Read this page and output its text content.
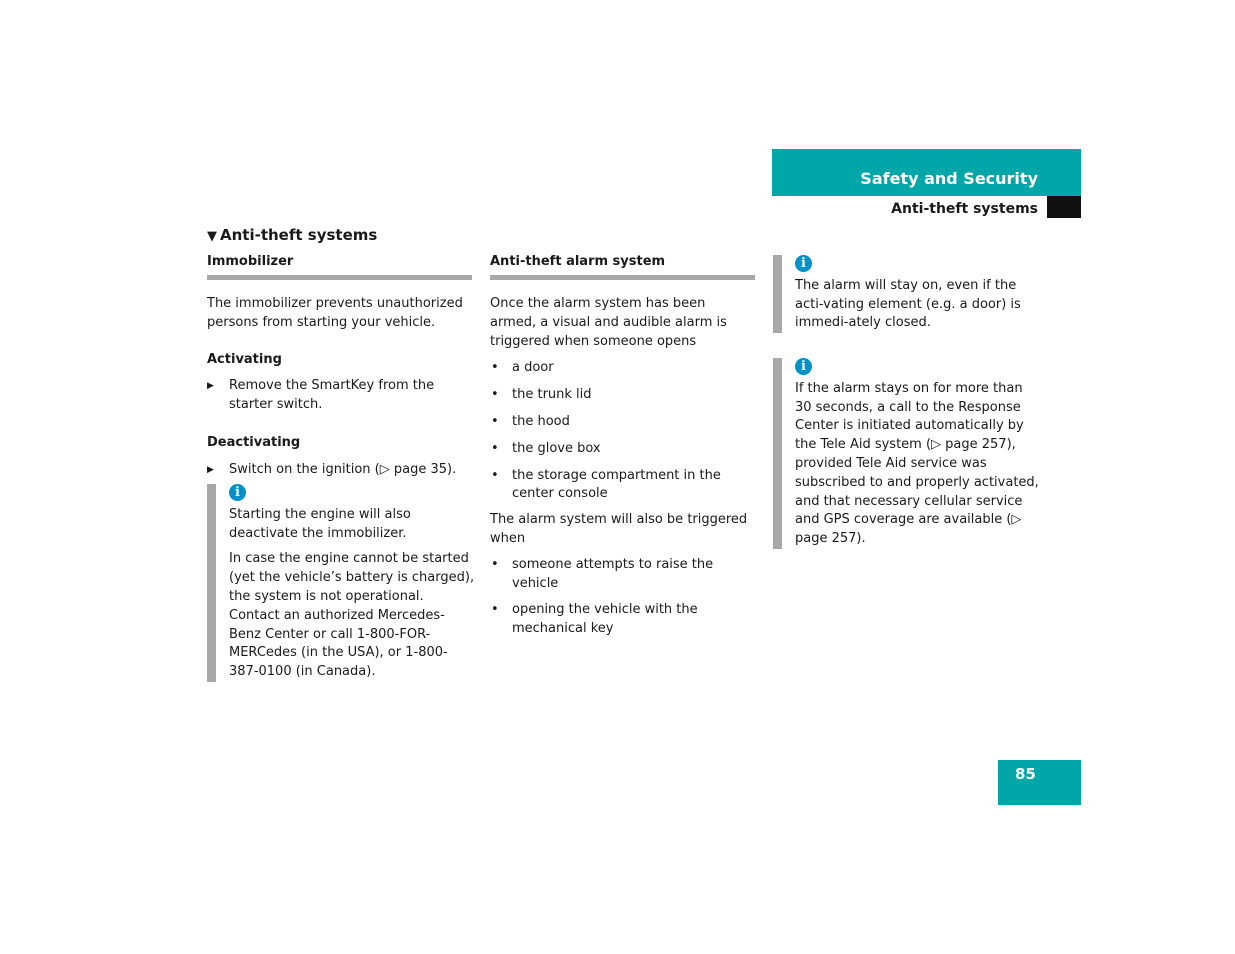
Safety and Security
Anti-theft systems
▼ Anti-theft systems
Immobilizer

The immobilizer prevents unauthorized persons from starting your vehicle.

Activating

▶ Remove the SmartKey from the starter switch.

Deactivating

▶ Switch on the ignition (▷ page 35).
i

Starting the engine will also deactivate the immobilizer.

In case the engine cannot be started (yet the vehicle’s battery is charged), the system is not operational. Contact an authorized Mercedes-Benz Center or call 1-800-FOR-MERCedes (in the USA), or 1-800-387-0100 (in Canada).

Anti-theft alarm system

Once the alarm system has been armed, a visual and audible alarm is triggered when someone opens

• a door
• the trunk lid
• the hood
• the glove box
• the storage compartment in the center console

The alarm system will also be triggered when

• someone attempts to raise the vehicle
• opening the vehicle with the mechanical key
i

The alarm will stay on, even if the acti-vating element (e.g. a door) is immedi-ately closed.

i

If the alarm stays on for more than 30 seconds, a call to the Response Center is initiated automatically by the Tele Aid system (▷ page 257), provided Tele Aid service was subscribed to and properly activated, and that necessary cellular service and GPS coverage are available (▷ page 257).

85
